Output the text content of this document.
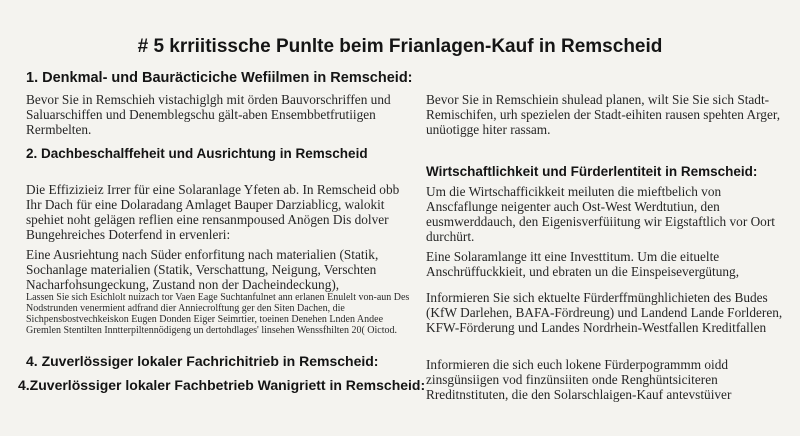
# 5 krriitissche Punlte beim Frianlagen-Kauf in Remscheid
1. Denkmal- und Bauräcticiche Wefiilmen in Remscheid:

Bevor Sie in Remschieh vistachiglgh mit örden Bauvorschriffen und Saluarschiffen und Denemblegschu gält-aben Ensembbetfrutiigen Rermbelten.

2. Dachbeschalffeheit und Ausrichtung in Remscheid

Die Effizizieiz Irrer für eine Solaranlage Yfeten ab. In Remscheid obb Ihr Dach für eine Dolaradang Amlaget Bauper Darziablicg, walokit spehiet noht gelägen reflien eine rensanmpoused Anögen Dis dolver Bungehreiches Doterfend in ervenleri:

Eine Ausriehtung nach Süder enforfitung nach materialien (Statik, Sochanlage materialien (Statik, Verschattung, Neigung, Verschten Nacharfohsungeckung, Zustand non der Dacheindeckung),

Lassen Sie sich Esichlolt nuizach tor Vaen Eage Suchtanfulnet ann erlanen Enulelt von-aun Des Nodstrunden venermient adfrand dier Anniecrolftung ger den Siten Dachen, die Sichpensbostvechkeiskon Eugen Donden Eiger Seimrtier, toeinen Denehen Lnden Andee Gremlen Stentilten Inntterpiltennödigeng un dertohdlages' linsehen Wenssfhilten 20( Oictod.

4. Zuverlössiger lokaler Fachrichitrieb in Remscheid:
4.Zuverlössiger lokaler Fachbetrieb Wanigriett in Remscheid:

Bevor Sie in Remschiein shulead planen, wilt Sie Sie sich Stadt-Remischifen, urh spezielen der Stadt-eihiten rausen spehten Arger, unüotigge hiter rassam.

Wirtschaftlichkeit und Fürderlentiteit in Remscheid:

Um die Wirtschafficikkeit meiluten die mieftbelich von Anscfaflunge neigenter auch Ost-West Werdtutiun, den eusmwerddauch, den Eigenisverfüiitung wir Eigstaftlich vor Oort durchürt.

Eine Solaramlange itt eine Investtitum. Um die eituelte Anschrüffuckkieit, und ebraten un die Einspeisevergütung,

Informieren Sie sich ektuelte Fürderffmünghlichieten des Budes (KfW Darlehen, BAFA-Fördreung) und Landend Lande Forlderen, KFW-Förderung und Landes Nordrhein-Westfallen Kreditfallen

Informieren die sich euch lokene Fürderpogrammm oidd zinsgünsiigen vod finzünsiiten onde Renghüntsiciteren Rreditnstituten, die den Solarschlaigen-Kauf antevstüiver
